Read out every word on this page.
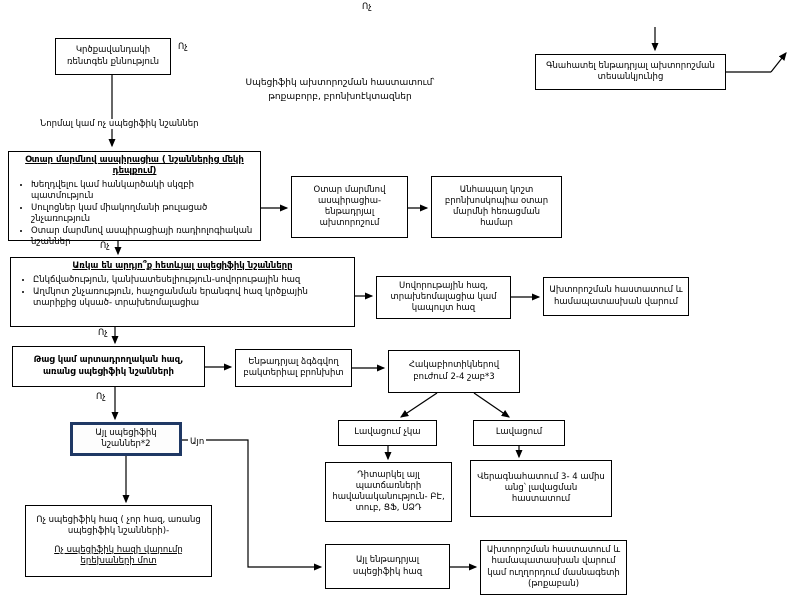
Ոչ
Ոչ
Նորմալ կամ ոչ սպեցիֆիկ նշաններ
Ոչ
Ոչ
Ոչ
Այո
Սպեցիֆիկ ախտորոշման հաստատում՝
թոքաբորբ, բրոնխոէկտազներ
Կրծքավանդակի ռենտգեն քննություն	Գնահատել ենթադրյալ ախտորոշման տեսանկյունից
Օտար մարմնով ասպիրացիա ( նշաններից մեկի դեպքում)
• Խեղդվելու կամ հանկարծակի սկզբի պատմություն
• Սուլոցներ կամ միակողմանի թուլացած շնչառություն
• Օտար մարմնով ասպիրացիայի ռադիոլոգիական նշաններ
Օտար մարմնով ասպիրացիա- ենթադրյալ ախտորոշում
Անհապաղ կոշտ բրոնխոսկոպիա օտար մարմնի հեռացման համար
Առկա են արդյո՞ք հետևյալ սպեցիֆիկ նշանները
• Ընկճվածություն, կանխատեսելիություն-սովորութային հազ
• Աղմկոտ շնչառություն, հաչոցանման երանգով հազ կրծքային տարիքից սկսած- տրախեոմալացիա
Սովորութային հազ, տրախեոմալացիա կամ կապույտ հազ
Ախտորոշման հաստատում և համապատասխան վարում
Թաց կամ արտադրողական հազ, առանց սպեցիֆիկ նշանների
Ենթադրյալ ձգձգվող բակտերիալ բրոնխիտ
Հակաբիոտիկներով բուժում 2-4 շաբ*3
Լավացում չկա	Լավացում
Դիտարկել այլ պատճառների հավանականություն- ԲԷ, տուբ, ՑՖ, ՍՁԴ
Վերագնահատում 3- 4 ամիս անց՝ լավացման հաստատում
Այլ սպեցիֆիկ նշաններ*2
Ոչ սպեցիֆիկ հազ ( չոր հազ, առանց սպեցիֆիկ նշանների)-
Ոչ սպեցիֆիկ հազի վարումը երեխաների մոտ	Այլ ենթադրյալ սպեցիֆիկ հազ
Ախտորոշման հաստատում և համապատասխան վարում կամ ուղղորդում մասնագետի (թոքաբան)
